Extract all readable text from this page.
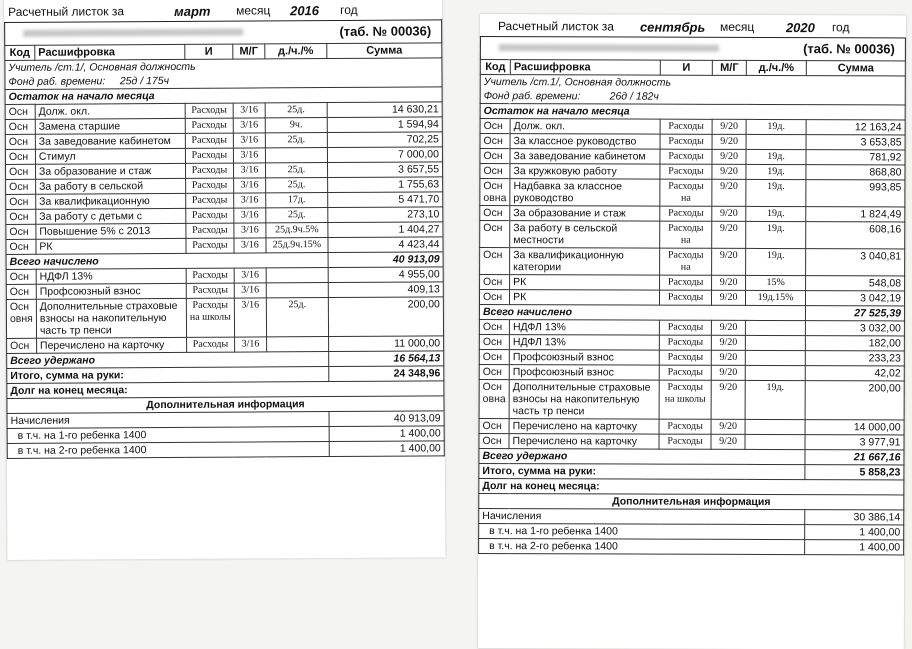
Расчетный листок за	март месяц 2016 год
(таб. № 00036)
Код	Расшифровка	И	М/Г	д./ч./%	Сумма
Учитель /ст.1/, Основная должность					
Фонд раб. времени: 25д / 175ч					
Остаток на начало месяца					
Осн	Долж. окл.	Расходы	3/16	25д.	14 630,21
Осн	Замена старшие	Расходы	3/16	9ч.	1 594,94
Осн	За заведование кабинетом	Расходы	3/16	25д.	702,25
Осн	Стимул	Расходы	3/16		7 000,00
Осн	За образование и стаж	Расходы	3/16	25д.	3 657,55
Осн	За работу в сельской	Расходы	3/16	25д.	1 755,63
Осн	За квалификационную	Расходы	3/16	17д.	5 471,70
Осн	За работу с детьми с	Расходы	3/16	25д.	273,10
Осн	Повышение 5% с 2013	Расходы	3/16	25д.9ч.5%	1 404,27
Осн	РК	Расходы	3/16	25д.9ч.15%	4 423,44
Всего начислено					40 913,09
Осн	НДФЛ 13%	Расходы	3/16		4 955,00
Осн	Профсоюзный взнос	Расходы	3/16		409,13
Осн овня	Дополнительные страховые взносы на накопительную часть тр пенси	Расходы на школы	3/16	25д.	200,00
Осн	Перечислено на карточку	Расходы	3/16		11 000,00
Всего удержано					16 564,13
Итого, сумма на руки:					24 348,96
Долг на конец месяца:					
Дополнительная информация					
Начисления					40 913,09
в т.ч. на 1-го ребенка 1400					1 400,00
в т.ч. на 2-го ребенка 1400					1 400,00
Расчетный листок за сентябрь месяц 2020 год
(таб. № 00036)
Код	Расшифровка	И	М/Г	д./ч./%	Сумма
Учитель /ст.1/, Основная должность					
Фонд раб. времени: 26д / 182ч					
Остаток на начало месяца					
Осн	Долж. окл.	Расходы	9/20	19д.	12 163,24
Осн	За классное руководство	Расходы	9/20		3 653,85
Осн	За заведование кабинетом	Расходы	9/20	19д.	781,92
Осн	За кружковую работу	Расходы	9/20	19д.	868,80
Осн овна	Надбавка за классное руководство	Расходы на	9/20	19д.	993,85
Осн	За образование и стаж	Расходы	9/20	19д.	1 824,49
Осн	За работу в сельской местности	Расходы на	9/20	19д.	608,16
Осн	За квалификационную категории	Расходы на	9/20	19д.	3 040,81
Осн	РК	Расходы	9/20	15%	548,08
Осн	РК	Расходы	9/20	19д.15%	3 042,19
Всего начислено					27 525,39
Осн	НДФЛ 13%	Расходы	9/20		3 032,00
Осн	НДФЛ 13%	Расходы	9/20		182,00
Осн	Профсоюзный взнос	Расходы	9/20		233,23
Осн	Профсоюзный взнос	Расходы	9/20		42,02
Осн овна	Дополнительные страховые взносы на накопительную часть тр пенси	Расходы на школы	9/20	19д.	200,00
Осн	Перечислено на карточку	Расходы	9/20		14 000,00
Осн	Перечислено на карточку	Расходы	9/20		3 977,91
Всего удержано					21 667,16
Итого, сумма на руки:					5 858,23
Долг на конец месяца:					
Дополнительная информация					
Начисления					30 386,14
в т.ч. на 1-го ребенка 1400					1 400,00
в т.ч. на 2-го ребенка 1400					1 400,00
